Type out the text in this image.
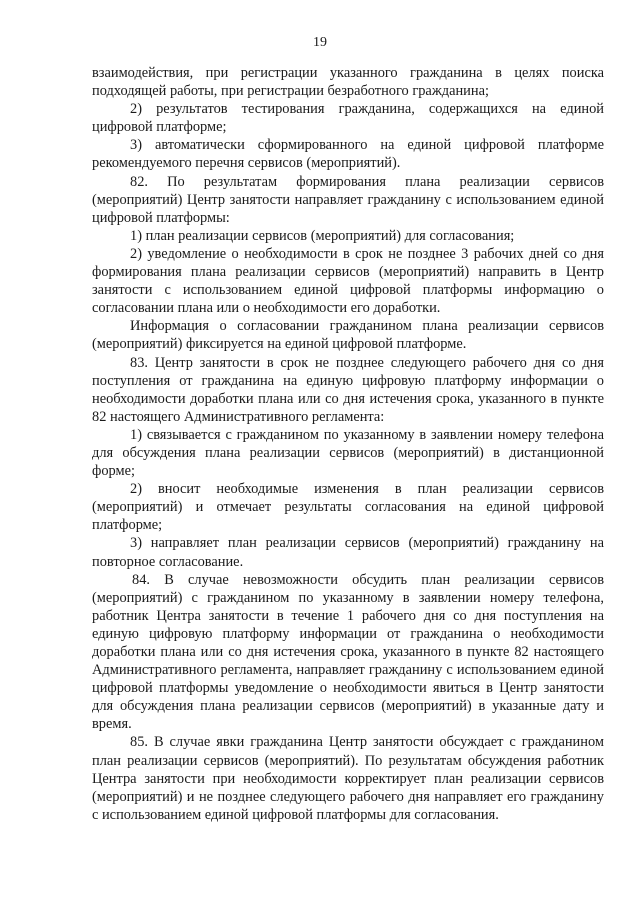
19

взаимодействия, при регистрации указанного гражданина в целях поиска подходящей работы, при регистрации безработного гражданина;

2) результатов тестирования гражданина, содержащихся на единой цифровой платформе;

3) автоматически сформированного на единой цифровой платформе рекомендуемого перечня сервисов (мероприятий).

82. По результатам формирования плана реализации сервисов (мероприятий) Центр занятости направляет гражданину с использованием единой цифровой платформы:

1) план реализации сервисов (мероприятий) для согласования;

2) уведомление о необходимости в срок не позднее 3 рабочих дней со дня формирования плана реализации сервисов (мероприятий) направить в Центр занятости с использованием единой цифровой платформы информацию о согласовании плана или о необходимости его доработки.

Информация о согласовании гражданином плана реализации сервисов (мероприятий) фиксируется на единой цифровой платформе.

83. Центр занятости в срок не позднее следующего рабочего дня со дня поступления от гражданина на единую цифровую платформу информации о необходимости доработки плана или со дня истечения срока, указанного в пункте 82 настоящего Административного регламента:

1) связывается с гражданином по указанному в заявлении номеру телефона для обсуждения плана реализации сервисов (мероприятий) в дистанционной форме;

2) вносит необходимые изменения в план реализации сервисов (мероприятий) и отмечает результаты согласования на единой цифровой платформе;

3) направляет план реализации сервисов (мероприятий) гражданину на повторное согласование.

84. В случае невозможности обсудить план реализации сервисов (мероприятий) с гражданином по указанному в заявлении номеру телефона, работник Центра занятости в течение 1 рабочего дня со дня поступления на единую цифровую платформу информации от гражданина о необходимости доработки плана или со дня истечения срока, указанного в пункте 82 настоящего Административного регламента, направляет гражданину с использованием единой цифровой платформы уведомление о необходимости явиться в Центр занятости для обсуждения плана реализации сервисов (мероприятий) в указанные дату и время.

85. В случае явки гражданина Центр занятости обсуждает с гражданином план реализации сервисов (мероприятий). По результатам обсуждения работник Центра занятости при необходимости корректирует план реализации сервисов (мероприятий) и не позднее следующего рабочего дня направляет его гражданину с использованием единой цифровой платформы для согласования.
